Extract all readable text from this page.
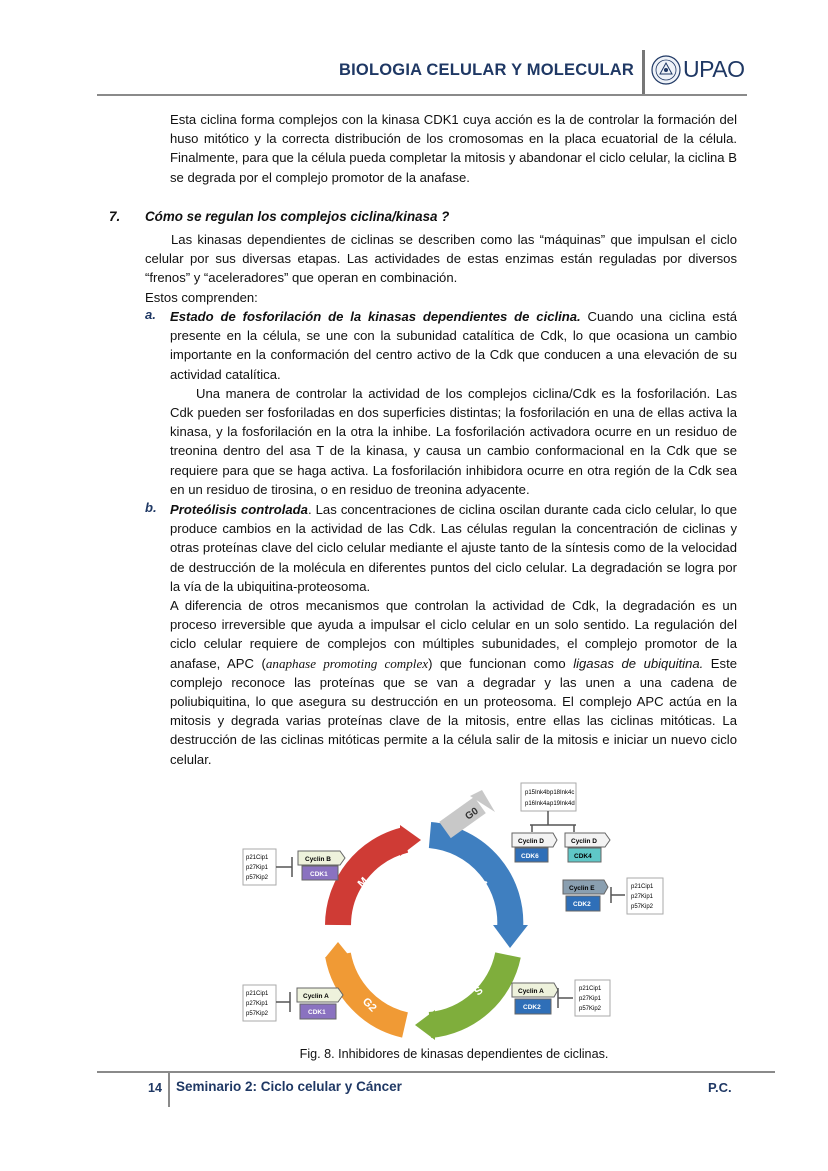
BIOLOGIA CELULAR Y MOLECULAR UPAO

Esta ciclina forma complejos con la kinasa CDK1 cuya acción es la de controlar la formación del huso mitótico y la correcta distribución de los cromosomas en la placa ecuatorial de la célula. Finalmente, para que la célula pueda completar la mitosis y abandonar el ciclo celular, la ciclina B se degrada por el complejo promotor de la anafase.

7. Cómo se regulan los complejos ciclina/kinasa ?

Las kinasas dependientes de ciclinas se describen como las “máquinas” que impulsan el ciclo celular por sus diversas etapas. Las actividades de estas enzimas están reguladas por diversos “frenos” y “aceleradores” que operan en combinación.

Estos comprenden:

a. Estado de fosforilación de la kinasas dependientes de ciclina. Cuando una ciclina está presente en la célula, se une con la subunidad catalítica de Cdk, lo que ocasiona un cambio importante en la conformación del centro activo de la Cdk que conducen a una elevación de su actividad catalítica.

Una manera de controlar la actividad de los complejos ciclina/Cdk es la fosforilación. Las Cdk pueden ser fosforiladas en dos superficies distintas; la fosforilación en una de ellas activa la kinasa, y la fosforilación en la otra la inhibe. La fosforilación activadora ocurre en un residuo de treonina dentro del asa T de la kinasa, y causa un cambio conformacional en la Cdk que se requiere para que se haga activa. La fosforilación inhibidora ocurre en otra región de la Cdk sea en un residuo de tirosina, o en residuo de treonina adyacente.

b. Proteólisis controlada. Las concentraciones de ciclina oscilan durante cada ciclo celular, lo que produce cambios en la actividad de las Cdk. Las células regulan la concentración de ciclinas y otras proteínas clave del ciclo celular mediante el ajuste tanto de la síntesis como de la velocidad de destrucción de la molécula en diferentes puntos del ciclo celular. La degradación se logra por la vía de la ubiquitina-proteosoma.

A diferencia de otros mecanismos que controlan la actividad de Cdk, la degradación es un proceso irreversible que ayuda a impulsar el ciclo celular en un solo sentido. La regulación del ciclo celular requiere de complejos con múltiples subunidades, el complejo promotor de la anafase, APC (anaphase promoting complex) que funcionan como ligasas de ubiquitina. Este complejo reconoce las proteínas que se van a degradar y las unen a una cadena de poliubiquitina, lo que asegura su destrucción en un proteosoma. El complejo APC actúa en la mitosis y degrada varias proteínas clave de la mitosis, entre ellas las ciclinas mitóticas. La destrucción de las ciclinas mitóticas permite a la célula salir de la mitosis e iniciar un nuevo ciclo celular.

G0
G1
S
G2
M
p21Cip1
p27Kip1
p57Kip2
Cyclin B
CDK1
p15Ink4b p18Ink4c
p16Ink4a p19Ink4d
Cyclin D
CDK6
Cyclin D
CDK4
Cyclin E
CDK2
p21Cip1
p27Kip1
p57Kip2
Cyclin A
CDK2
p21Cip1
p27Kip1
p57Kip2
p21Cip1
p27Kip1
p57Kip2
Cyclin A
CDK1
Fig. 8. Inhibidores de kinasas dependientes de ciclinas.
14 Seminario 2: Ciclo celular y Cáncer	P.C.
